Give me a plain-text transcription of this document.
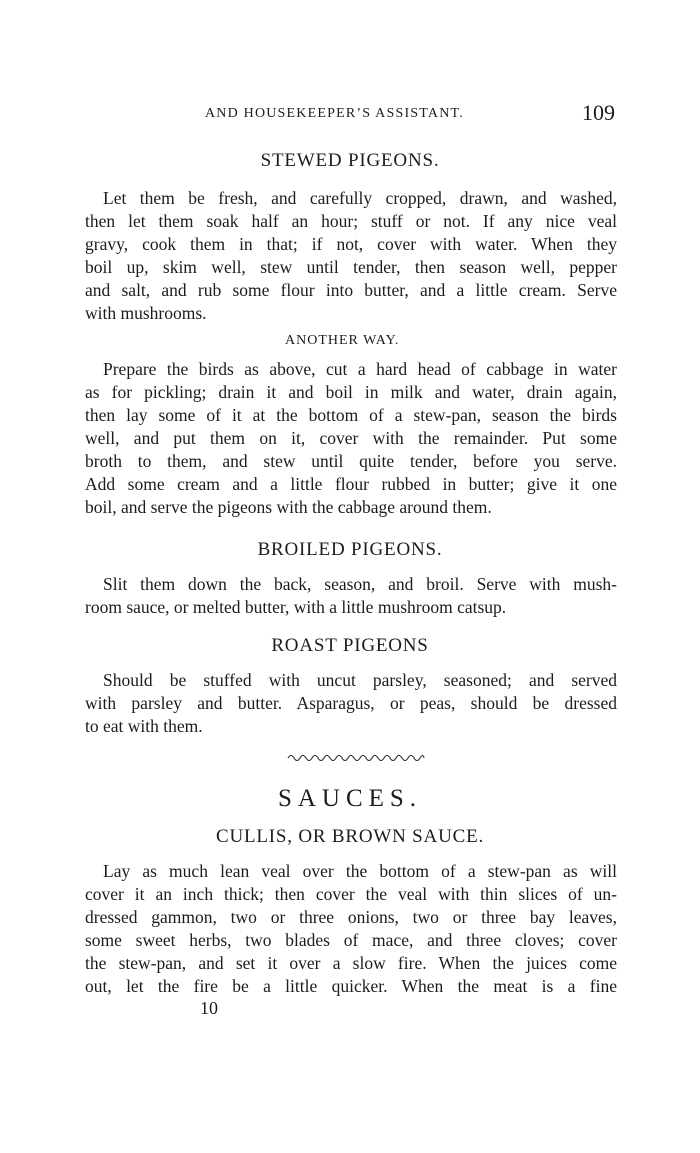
AND HOUSEKEEPER’S ASSISTANT.	109
STEWED PIGEONS.
Let them be fresh, and carefully cropped, drawn, and washed,
then let them soak half an hour; stuff or not. If any nice veal
gravy, cook them in that; if not, cover with water. When they
boil up, skim well, stew until tender, then season well, pepper
and salt, and rub some flour into butter, and a little cream. Serve
with mushrooms.
ANOTHER WAY.
Prepare the birds as above, cut a hard head of cabbage in water
as for pickling; drain it and boil in milk and water, drain again,
then lay some of it at the bottom of a stew-pan, season the birds
well, and put them on it, cover with the remainder. Put some
broth to them, and stew until quite tender, before you serve.
Add some cream and a little flour rubbed in butter; give it one
boil, and serve the pigeons with the cabbage around them.
BROILED PIGEONS.
Slit them down the back, season, and broil. Serve with mush-
room sauce, or melted butter, with a little mushroom catsup.
ROAST PIGEONS
Should be stuffed with uncut parsley, seasoned; and served
with parsley and butter. Asparagus, or peas, should be dressed
to eat with them.
SAUCES.
CULLIS, OR BROWN SAUCE.
Lay as much lean veal over the bottom of a stew-pan as will
cover it an inch thick; then cover the veal with thin slices of un-
dressed gammon, two or three onions, two or three bay leaves,
some sweet herbs, two blades of mace, and three cloves; cover
the stew-pan, and set it over a slow fire. When the juices come
out, let the fire be a little quicker. When the meat is a fine
10
